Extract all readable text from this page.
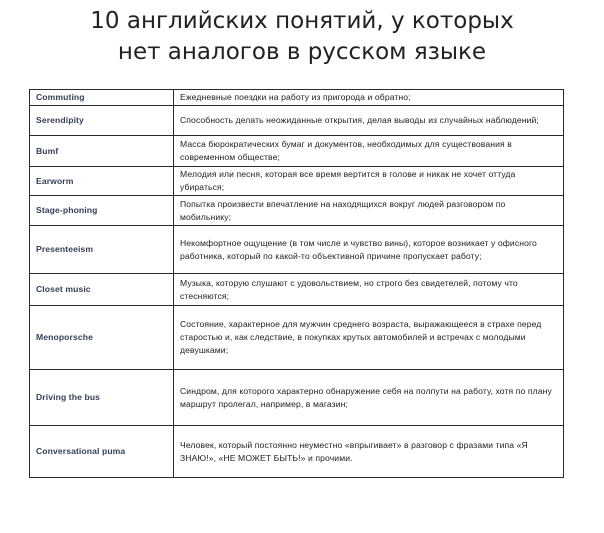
10 английских понятий, у которых
нет аналогов в русском языке
Commuting	Ежедневные поездки на работу из пригорода и обратно;
Serendipity	Способность делать неожиданные открытия, делая выводы из случайных наблюдений;
Bumf	Масса бюрократических бумаг и документов, необходимых для существования в современном обществе;
Earworm	Мелодия или песня, которая все время вертится в голове и никак не хочет оттуда убираться;
Stage-phoning	Попытка произвести впечатление на находящихся вокруг людей разговором по мобильнику;
Presenteeism	Некомфортное ощущение (в том числе и чувство вины), которое возникает у офисного работника, который по какой-то объективной причине пропускает работу;
Closet music	Музыка, которую слушают с удовольствием, но строго без свидетелей, потому что стесняются;
Menoporsche	Состояние, характерное для мужчин среднего возраста, выражающееся в страхе перед старостью и, как следствие, в покупках крутых автомобилей и встречах с молодыми девушками;
Driving the bus	Синдром, для которого характерно обнаружение себя на полпути на работу, хотя по плану маршрут пролегал, например, в магазин;
Conversational puma	Человек, который постоянно неуместно «впрыгивает» в разговор с фразами типа «Я ЗНАЮ!», «НЕ МОЖЕТ БЫТЬ!» и прочими.
